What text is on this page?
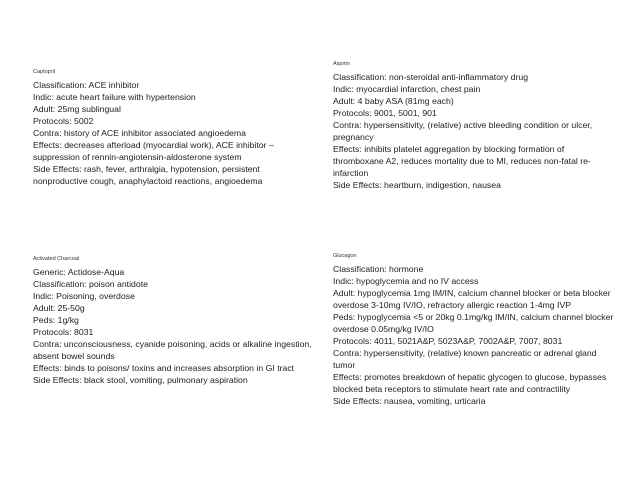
Captopril
Classification: ACE inhibitor
Indic: acute heart failure with hypertension
Adult: 25mg sublingual
Protocols: 5002
Contra: history of ACE inhibitor associated angioedema
Effects: decreases afterload (myocardial work), ACE inhibitor –
suppression of rennin-angiotensin-aldosterone system
Side Effects: rash, fever, arthralgia, hypotension, persistent
nonproductive cough, anaphylactoid reactions, angioedema
Aspirin
Classification: non-steroidal anti-inflammatory drug
Indic: myocardial infarction, chest pain
Adult: 4 baby ASA (81mg each)
Protocols: 9001, 5001, 901
Contra: hypersensitivity, (relative) active bleeding condition or ulcer,
pregnancy
Effects: inhibits platelet aggregation by blocking formation of
thromboxane A2, reduces mortality due to MI, reduces non-fatal re-
infarction
Side Effects: heartburn, indigestion, nausea
Activated Charcoal
Generic: Actidose-Aqua
Classification: poison antidote
Indic: Poisoning, overdose
Adult: 25-50g
Peds: 1g/kg
Protocols: 8031
Contra: unconsciousness, cyanide poisoning, acids or alkaline ingestion,
absent bowel sounds
Effects: binds to poisons/ toxins and increases absorption in GI tract
Side Effects: black stool, vomiting, pulmonary aspiration
Glucagon
Classification: hormone
Indic: hypoglycemia and no IV access
Adult: hypoglycemia 1mg IM/IN, calcium channel blocker or beta blocker
overdose 3-10mg IV/IO, refractory allergic reaction 1-4mg IVP
Peds: hypoglycemia <5 or 20kg 0.1mg/kg IM/IN, calcium channel blocker
overdose 0.05mg/kg IV/IO
Protocols: 4011, 5021A&P, 5023A&P, 7002A&P, 7007, 8031
Contra: hypersensitivity, (relative) known pancreatic or adrenal gland
tumor
Effects: promotes breakdown of hepatic glycogen to glucose, bypasses
blocked beta receptors to stimulate heart rate and contractility
Side Effects: nausea, vomiting, urticaria
